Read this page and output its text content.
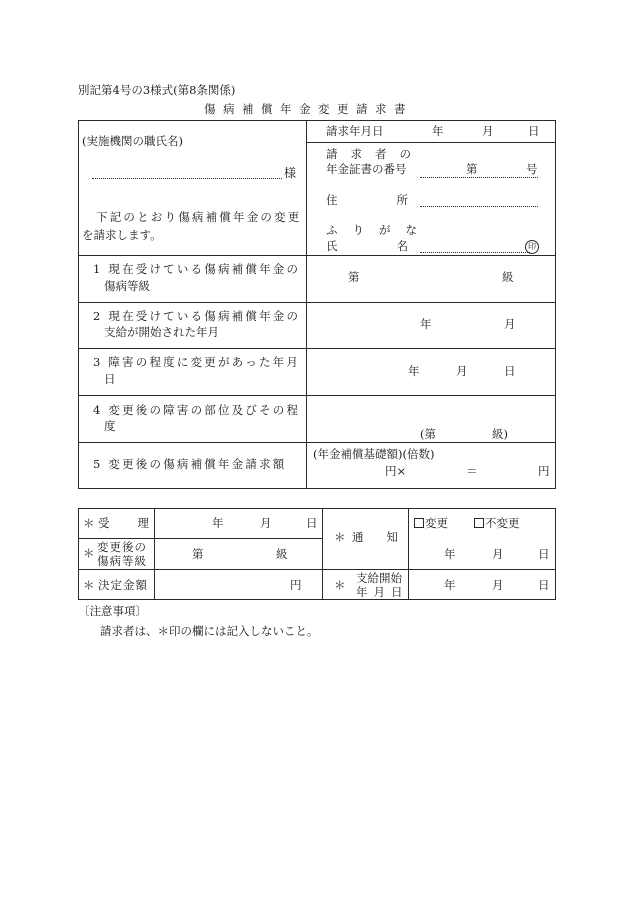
別記第4号の3様式(第8条関係)
傷病補償年金変更請求書
(実施機関の職氏名)
様
下記のとおり傷病補償年金の変更
を請求します。
請求年月日	年	月	日
請求者の
年金証書の番号	第	号
住所
ふりがな
氏名	印
1 現在受けている傷病補償年金の
傷病等級
第	級
2 現在受けている傷病補償年金の
支給が開始された年月
年	月
3 障害の程度に変更があった年月
日
年	月	日
4 変更後の障害の部位及びその程
度
(第	級)
5 変更後の傷病補償年金請求額
(年金補償基礎額)(倍数)
円×	＝	円
＊ 受理	年	月	日
＊ 変更後の
傷病等級	第	級
＊ 決定金額	円
＊ 通知
変更	不変更
年	月	日
＊ 支給開始
年月日	年	月	日
〔注意事項〕
請求者は、＊印の欄には記入しないこと。
